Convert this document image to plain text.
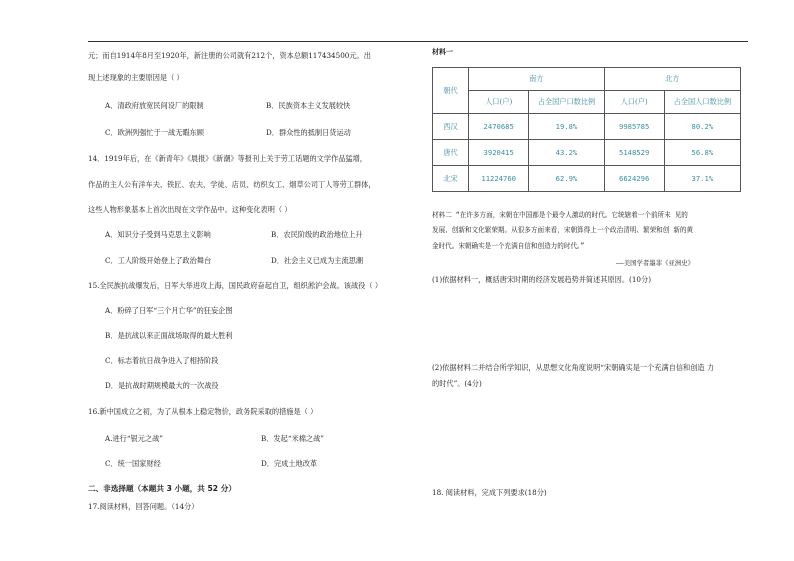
元；而自1914年8月至1920年，新注册的公司就有212个，资本总额117434500元。出
现上述现象的主要原因是（ ）
A．清政府放宽民间设厂的限制	B．民族资本主义发展较快
C．欧洲列强忙于一战无暇东顾	D．群众性的抵制日货运动
14．1919年后，在《新青年》《晨报》《新潮》等报刊上关于劳工话题的文学作品猛增，
作品的主人公有洋车夫、铁匠、农夫、学徒、店员、纺织女工、烟草公司丁人等劳工群体，
这些人物形象基本上首次出现在文学作品中。这种变化表明（ ）
A．知识分子受到马克思主义影响	B．农民阶级的政治地位上升
C．工人阶级开始登上了政治舞台	D．社会主义已成为主流思潮
15.全民族抗战爆发后，日军大举进攻上海，国民政府奋起自卫，组织淞沪会战。该战役（ ）
A．粉碎了日军“三个月亡华”的狂妄企图
B．是抗战以来正面战场取得的最大胜利
C．标志着抗日战争进入了相持阶段
D．是抗战时期规模最大的一次战役
16.新中国成立之初，为了从根本上稳定物价，政务院采取的措施是（ ）
A.进行“银元之战”	B．发起“米棉之战”
C．统一国家财经	D．完成土地改革
二、非选择题（本题共 3 小题，共 52 分）
17.阅读材料，回答问题。（14分）
材料一
朝代	南方		北方	
	人口(户)	占全国户口数比例	人口(户)	占全国人口数比例
西汉	2470685	19.8%	9985785	80.2%
唐代	3920415	43.2%	5148529	56.8%
北宋	11224760	62.9%	6624296	37.1%
材料二 “在许多方面，宋朝在中国都是个最令人激动的时代。它统辖着一个前所未 见的
发展、创新和文化繁荣期。从很多方面来看，宋朝算得上一个政治清明、繁荣和创 新的黄
金时代。宋朝确实是一个充满自信和创造力的时代。”
——美国学者墨菲《亚洲史》
(1)依据材料一，概括唐宋时期的经济发展趋势并简述其原因。(10分)
(2)依据材料二并结合所学知识，从思想文化角度说明“宋朝确实是一个充满自信和创造 力
的时代”。(4分)
18. 阅读材料，完成下列要求(18分)
